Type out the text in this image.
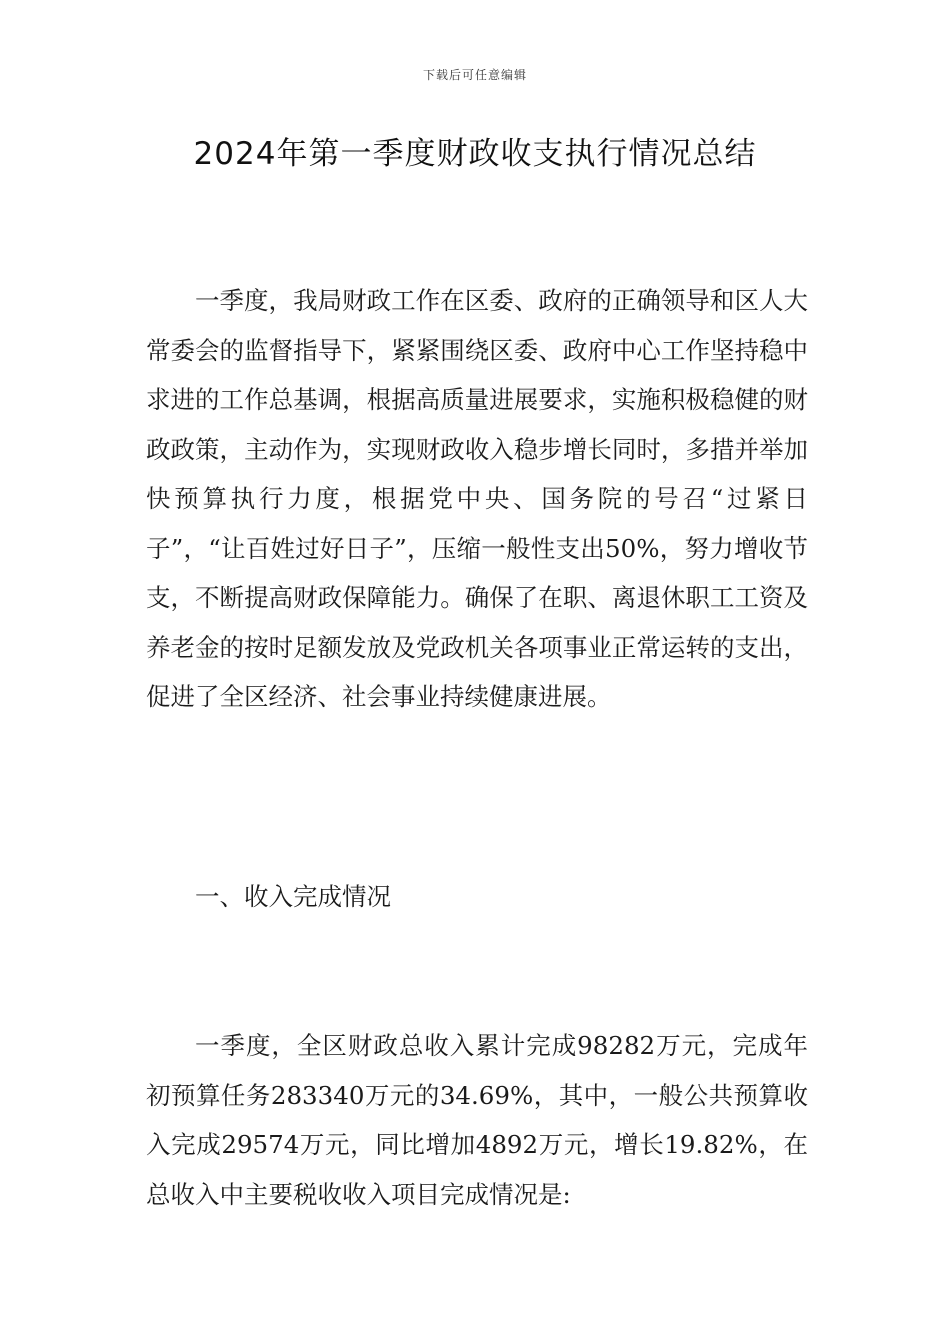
下载后可任意编辑
2024年第一季度财政收支执行情况总结

一季度，我局财政工作在区委、政府的正确领导和区人大常委会的监督指导下，紧紧围绕区委、政府中心工作坚持稳中求进的工作总基调，根据高质量进展要求，实施积极稳健的财政政策，主动作为，实现财政收入稳步增长同时，多措并举加快预算执行力度，根据党中央、国务院的号召“过紧日子”，“让百姓过好日子”，压缩一般性支出50%，努力增收节支，不断提高财政保障能力。确保了在职、离退休职工工资及养老金的按时足额发放及党政机关各项事业正常运转的支出，促进了全区经济、社会事业持续健康进展。

一、收入完成情况

一季度，全区财政总收入累计完成98282万元，完成年初预算任务283340万元的34.69%，其中，一般公共预算收入完成29574万元，同比增加4892万元，增长19.82%，在总收入中主要税收收入项目完成情况是:
